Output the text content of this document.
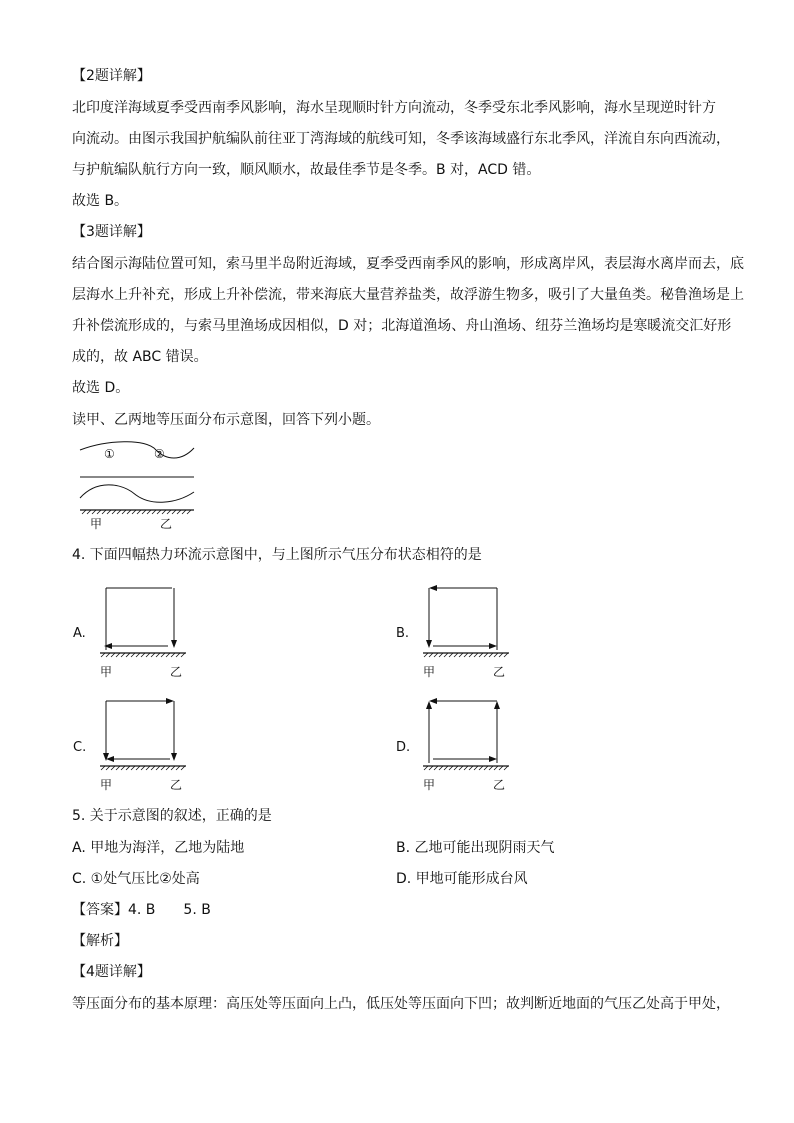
【2题详解】
北印度洋海域夏季受西南季风影响，海水呈现顺时针方向流动，冬季受东北季风影响，海水呈现逆时针方
向流动。由图示我国护航编队前往亚丁湾海域的航线可知，冬季该海域盛行东北季风，洋流自东向西流动，
与护航编队航行方向一致，顺风顺水，故最佳季节是冬季。B 对，ACD 错。
故选 B。
【3题详解】
结合图示海陆位置可知，索马里半岛附近海域，夏季受西南季风的影响，形成离岸风，表层海水离岸而去，底
层海水上升补充，形成上升补偿流，带来海底大量营养盐类，故浮游生物多，吸引了大量鱼类。秘鲁渔场是上
升补偿流形成的，与索马里渔场成因相似，D 对；北海道渔场、舟山渔场、纽芬兰渔场均是寒暖流交汇好形
成的，故 ABC 错误。
故选 D。
读甲、乙两地等压面分布示意图，回答下列小题。
①	②
甲	乙
4. 下面四幅热力环流示意图中，与上图所示气压分布状态相符的是
A.
甲	乙
B.
甲	乙
C.
甲	乙
D.
甲	乙
5. 关于示意图的叙述，正确的是
A. 甲地为海洋，乙地为陆地	B. 乙地可能出现阴雨天气
C. ①处气压比②处高	D. 甲地可能形成台风
【答案】4. B　　5. B
【解析】
【4题详解】
等压面分布的基本原理：高压处等压面向上凸，低压处等压面向下凹；故判断近地面的气压乙处高于甲处，
